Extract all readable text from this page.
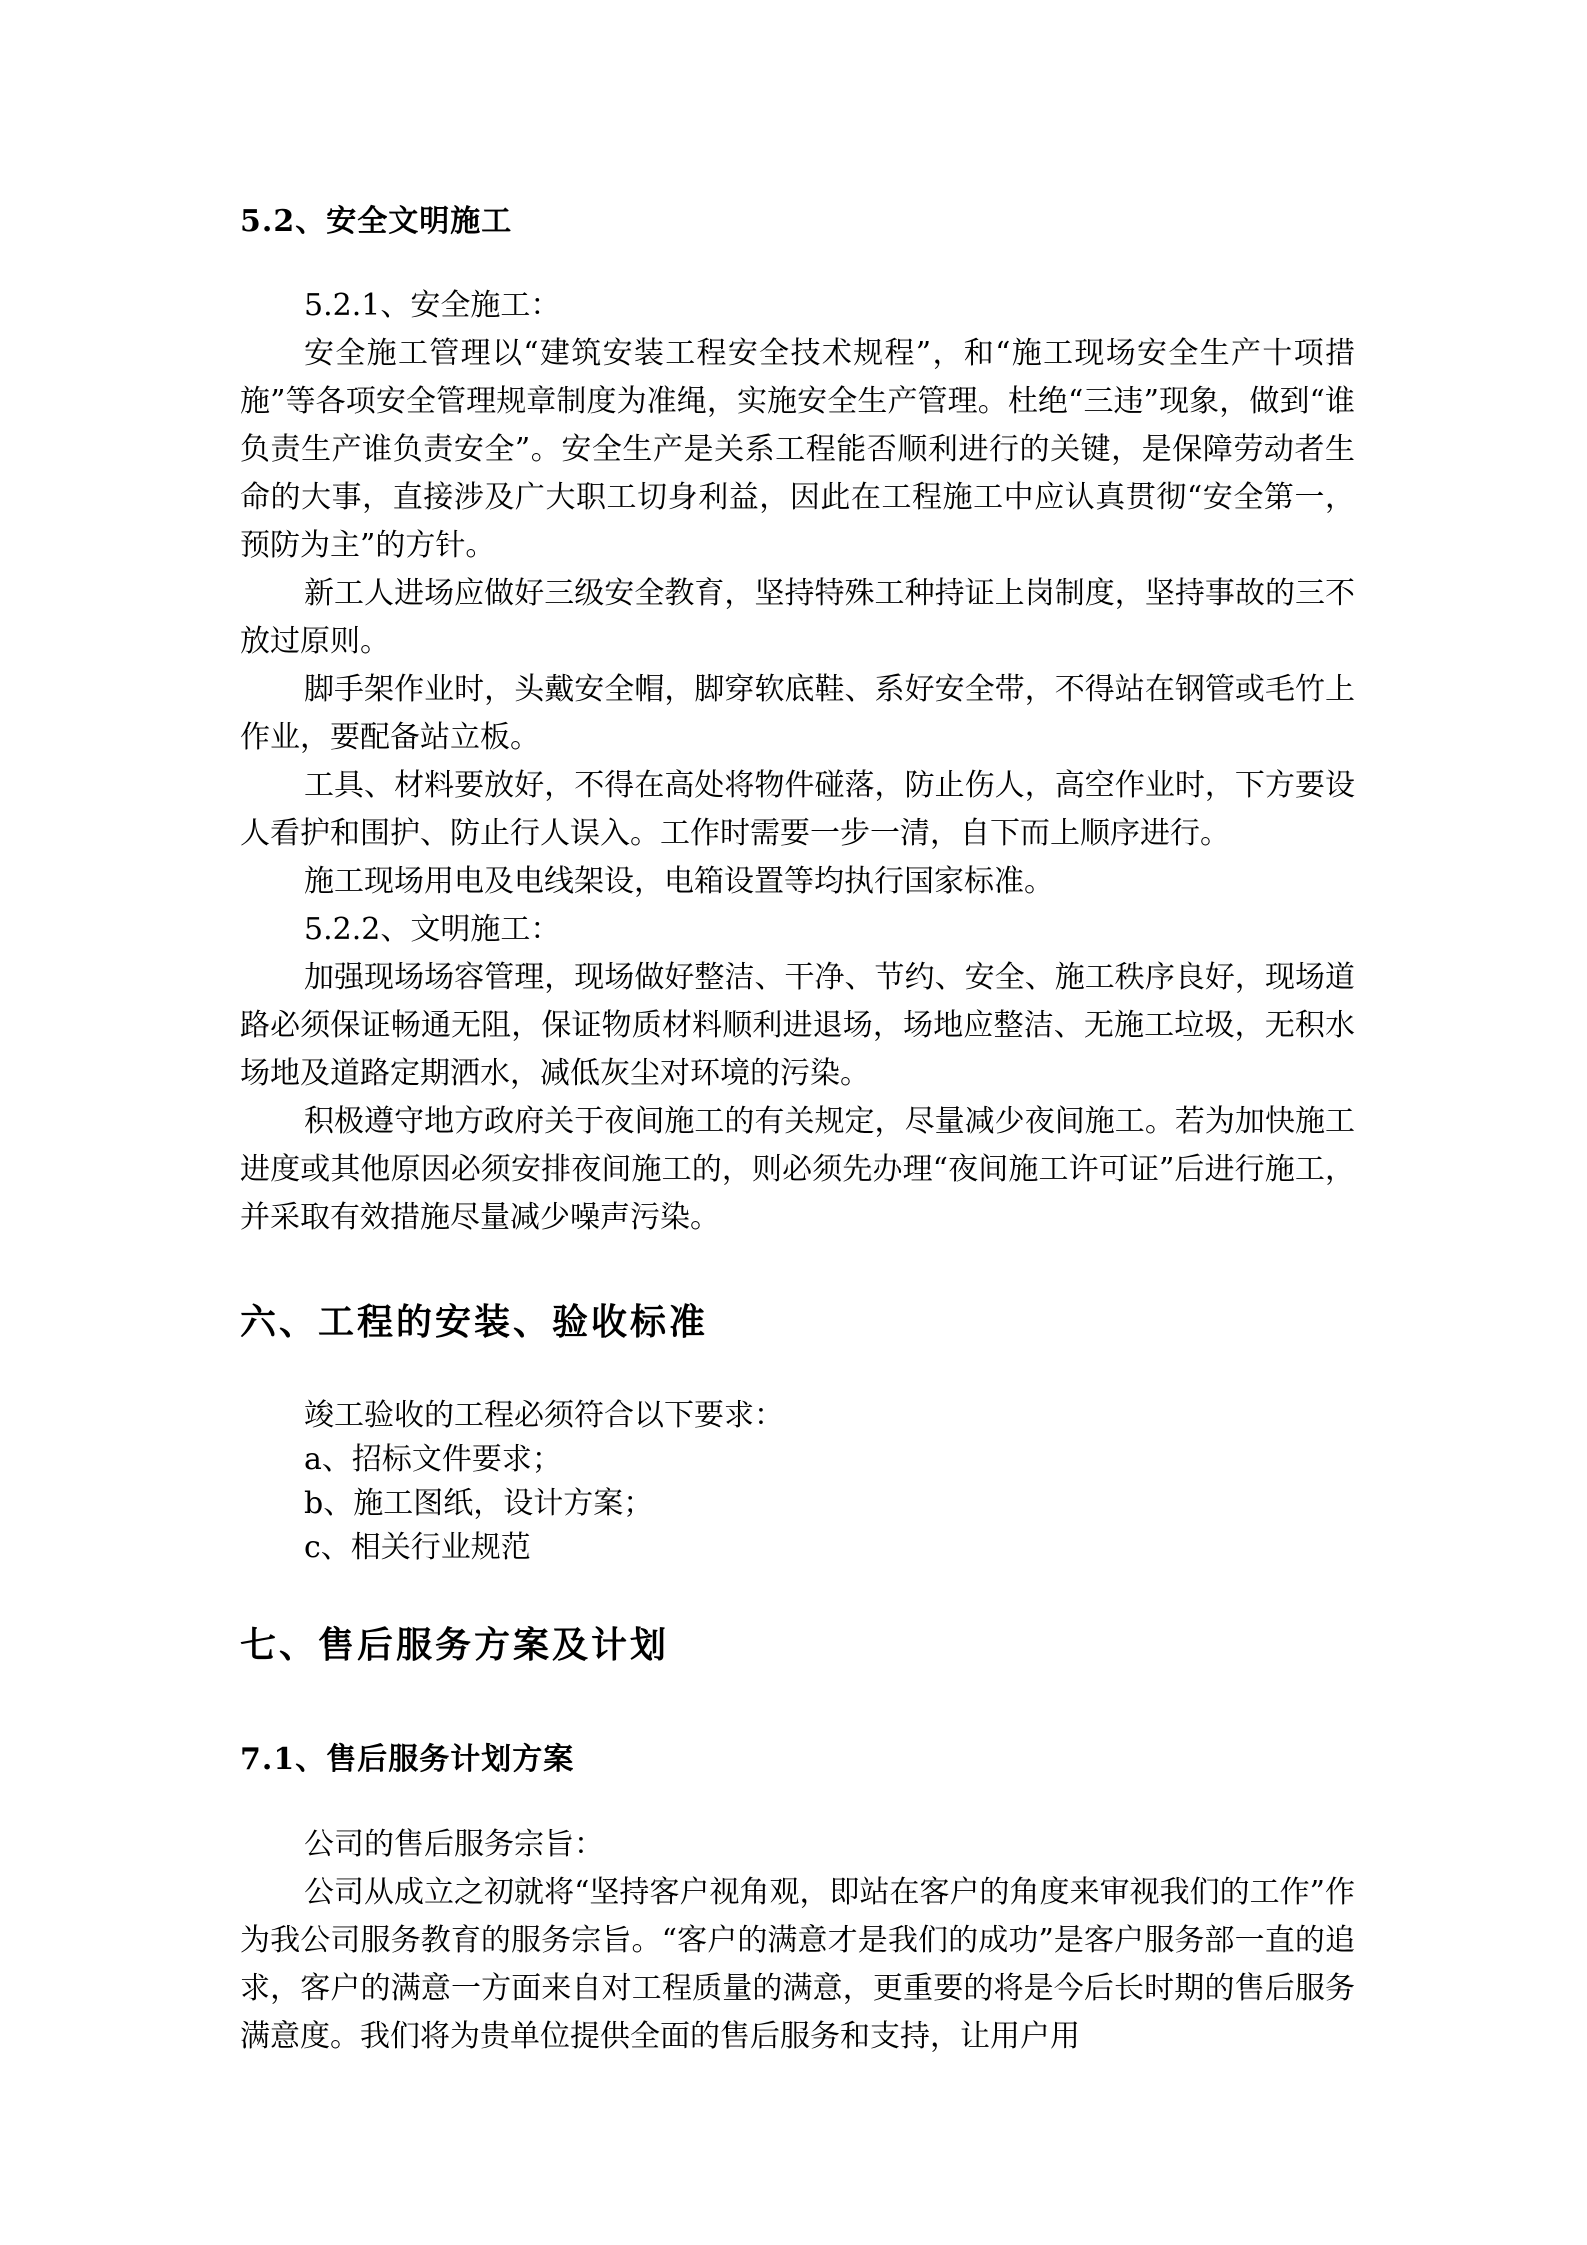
5.2、安全文明施工
5.2.1、安全施工：

安全施工管理以“建筑安装工程安全技术规程”，和“施工现场安全生产十项措施”等各项安全管理规章制度为准绳，实施安全生产管理。杜绝“三违”现象，做到“谁负责生产谁负责安全”。安全生产是关系工程能否顺利进行的关键，是保障劳动者生命的大事，直接涉及广大职工切身利益，因此在工程施工中应认真贯彻“安全第一，预防为主”的方针。

新工人进场应做好三级安全教育，坚持特殊工种持证上岗制度，坚持事故的三不放过原则。

脚手架作业时，头戴安全帽，脚穿软底鞋、系好安全带，不得站在钢管或毛竹上作业，要配备站立板。

工具、材料要放好，不得在高处将物件碰落，防止伤人，高空作业时，下方要设人看护和围护、防止行人误入。工作时需要一步一清，自下而上顺序进行。

施工现场用电及电线架设，电箱设置等均执行国家标准。

5.2.2、文明施工：

加强现场场容管理，现场做好整洁、干净、节约、安全、施工秩序良好，现场道路必须保证畅通无阻，保证物质材料顺利进退场，场地应整洁、无施工垃圾，无积水场地及道路定期洒水，减低灰尘对环境的污染。

积极遵守地方政府关于夜间施工的有关规定，尽量减少夜间施工。若为加快施工进度或其他原因必须安排夜间施工的，则必须先办理“夜间施工许可证”后进行施工，并采取有效措施尽量减少噪声污染。

六、工程的安装、验收标准
竣工验收的工程必须符合以下要求：
a、招标文件要求；
b、施工图纸，设计方案；
c、相关行业规范
七、售后服务方案及计划
7.1、售后服务计划方案
公司的售后服务宗旨：

公司从成立之初就将“坚持客户视角观，即站在客户的角度来审视我们的工作”作为我公司服务教育的服务宗旨。“客户的满意才是我们的成功”是客户服务部一直的追求，客户的满意一方面来自对工程质量的满意，更重要的将是今后长时期的售后服务满意度。我们将为贵单位提供全面的售后服务和支持，让用户用
